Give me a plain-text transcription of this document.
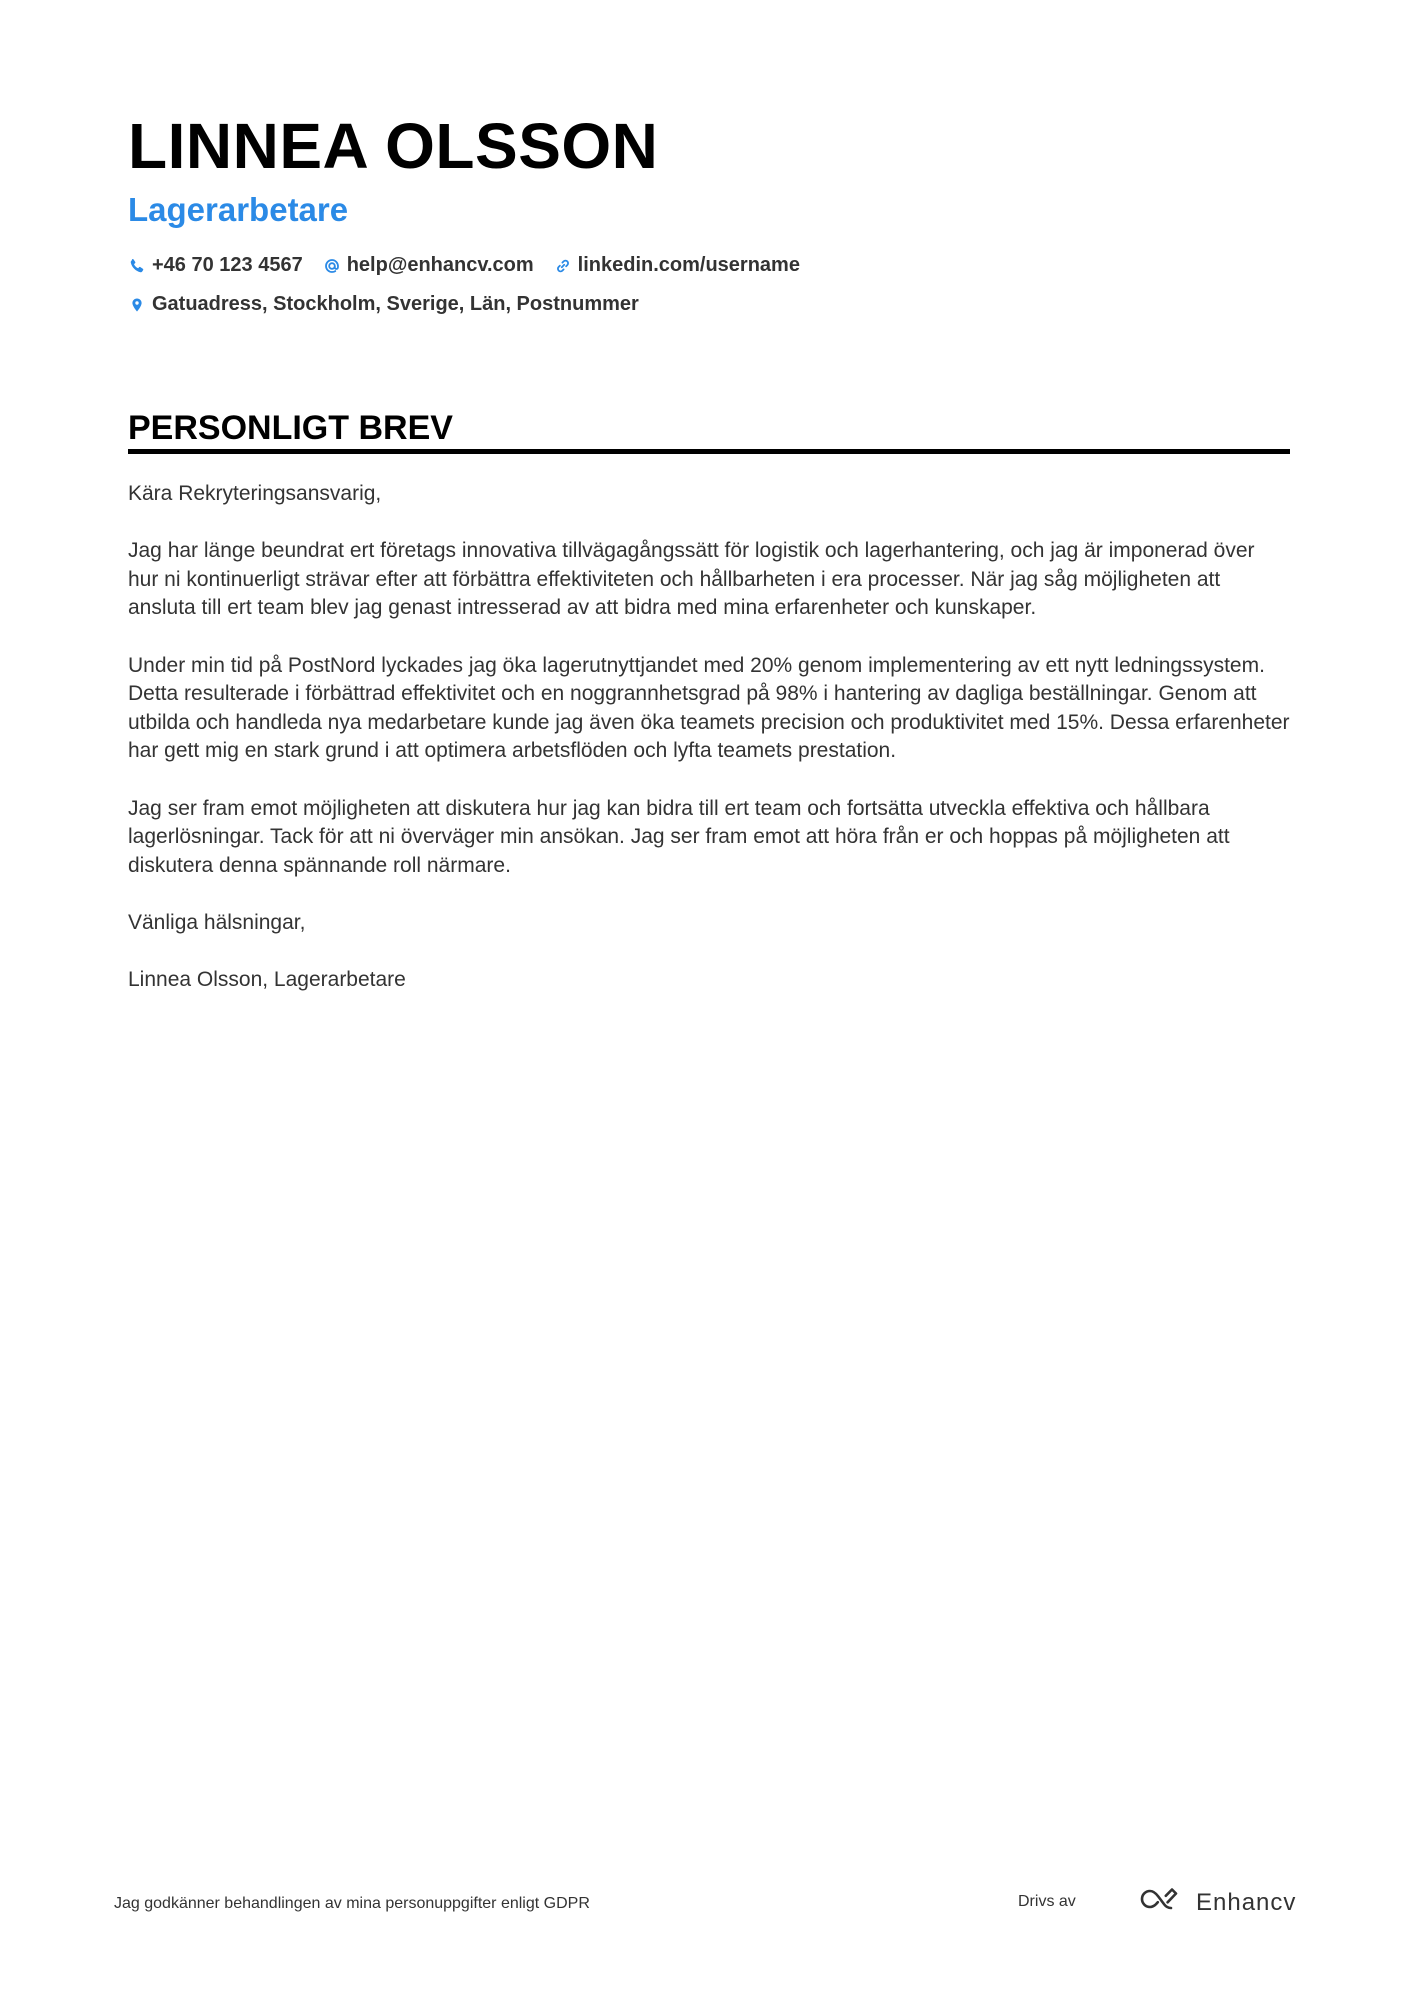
LINNEA OLSSON
Lagerarbetare
+46 70 123 4567 help@enhancv.com linkedin.com/username
Gatuadress, Stockholm, Sverige, Län, Postnummer
PERSONLIGT BREV

Kära Rekryteringsansvarig,

Jag har länge beundrat ert företags innovativa tillvägagångssätt för logistik och lagerhantering, och jag är imponerad över hur ni kontinuerligt strävar efter att förbättra effektiviteten och hållbarheten i era processer. När jag såg möjligheten att ansluta till ert team blev jag genast intresserad av att bidra med mina erfarenheter och kunskaper.

Under min tid på PostNord lyckades jag öka lagerutnyttjandet med 20% genom implementering av ett nytt ledningssystem. Detta resulterade i förbättrad effektivitet och en noggrannhetsgrad på 98% i hantering av dagliga beställningar. Genom att utbilda och handleda nya medarbetare kunde jag även öka teamets precision och produktivitet med 15%. Dessa erfarenheter har gett mig en stark grund i att optimera arbetsflöden och lyfta teamets prestation.

Jag ser fram emot möjligheten att diskutera hur jag kan bidra till ert team och fortsätta utveckla effektiva och hållbara lagerlösningar. Tack för att ni överväger min ansökan. Jag ser fram emot att höra från er och hoppas på möjligheten att diskutera denna spännande roll närmare.

Vänliga hälsningar,

Linnea Olsson, Lagerarbetare

Jag godkänner behandlingen av mina personuppgifter enligt GDPR	Drivs av	Enhancv
